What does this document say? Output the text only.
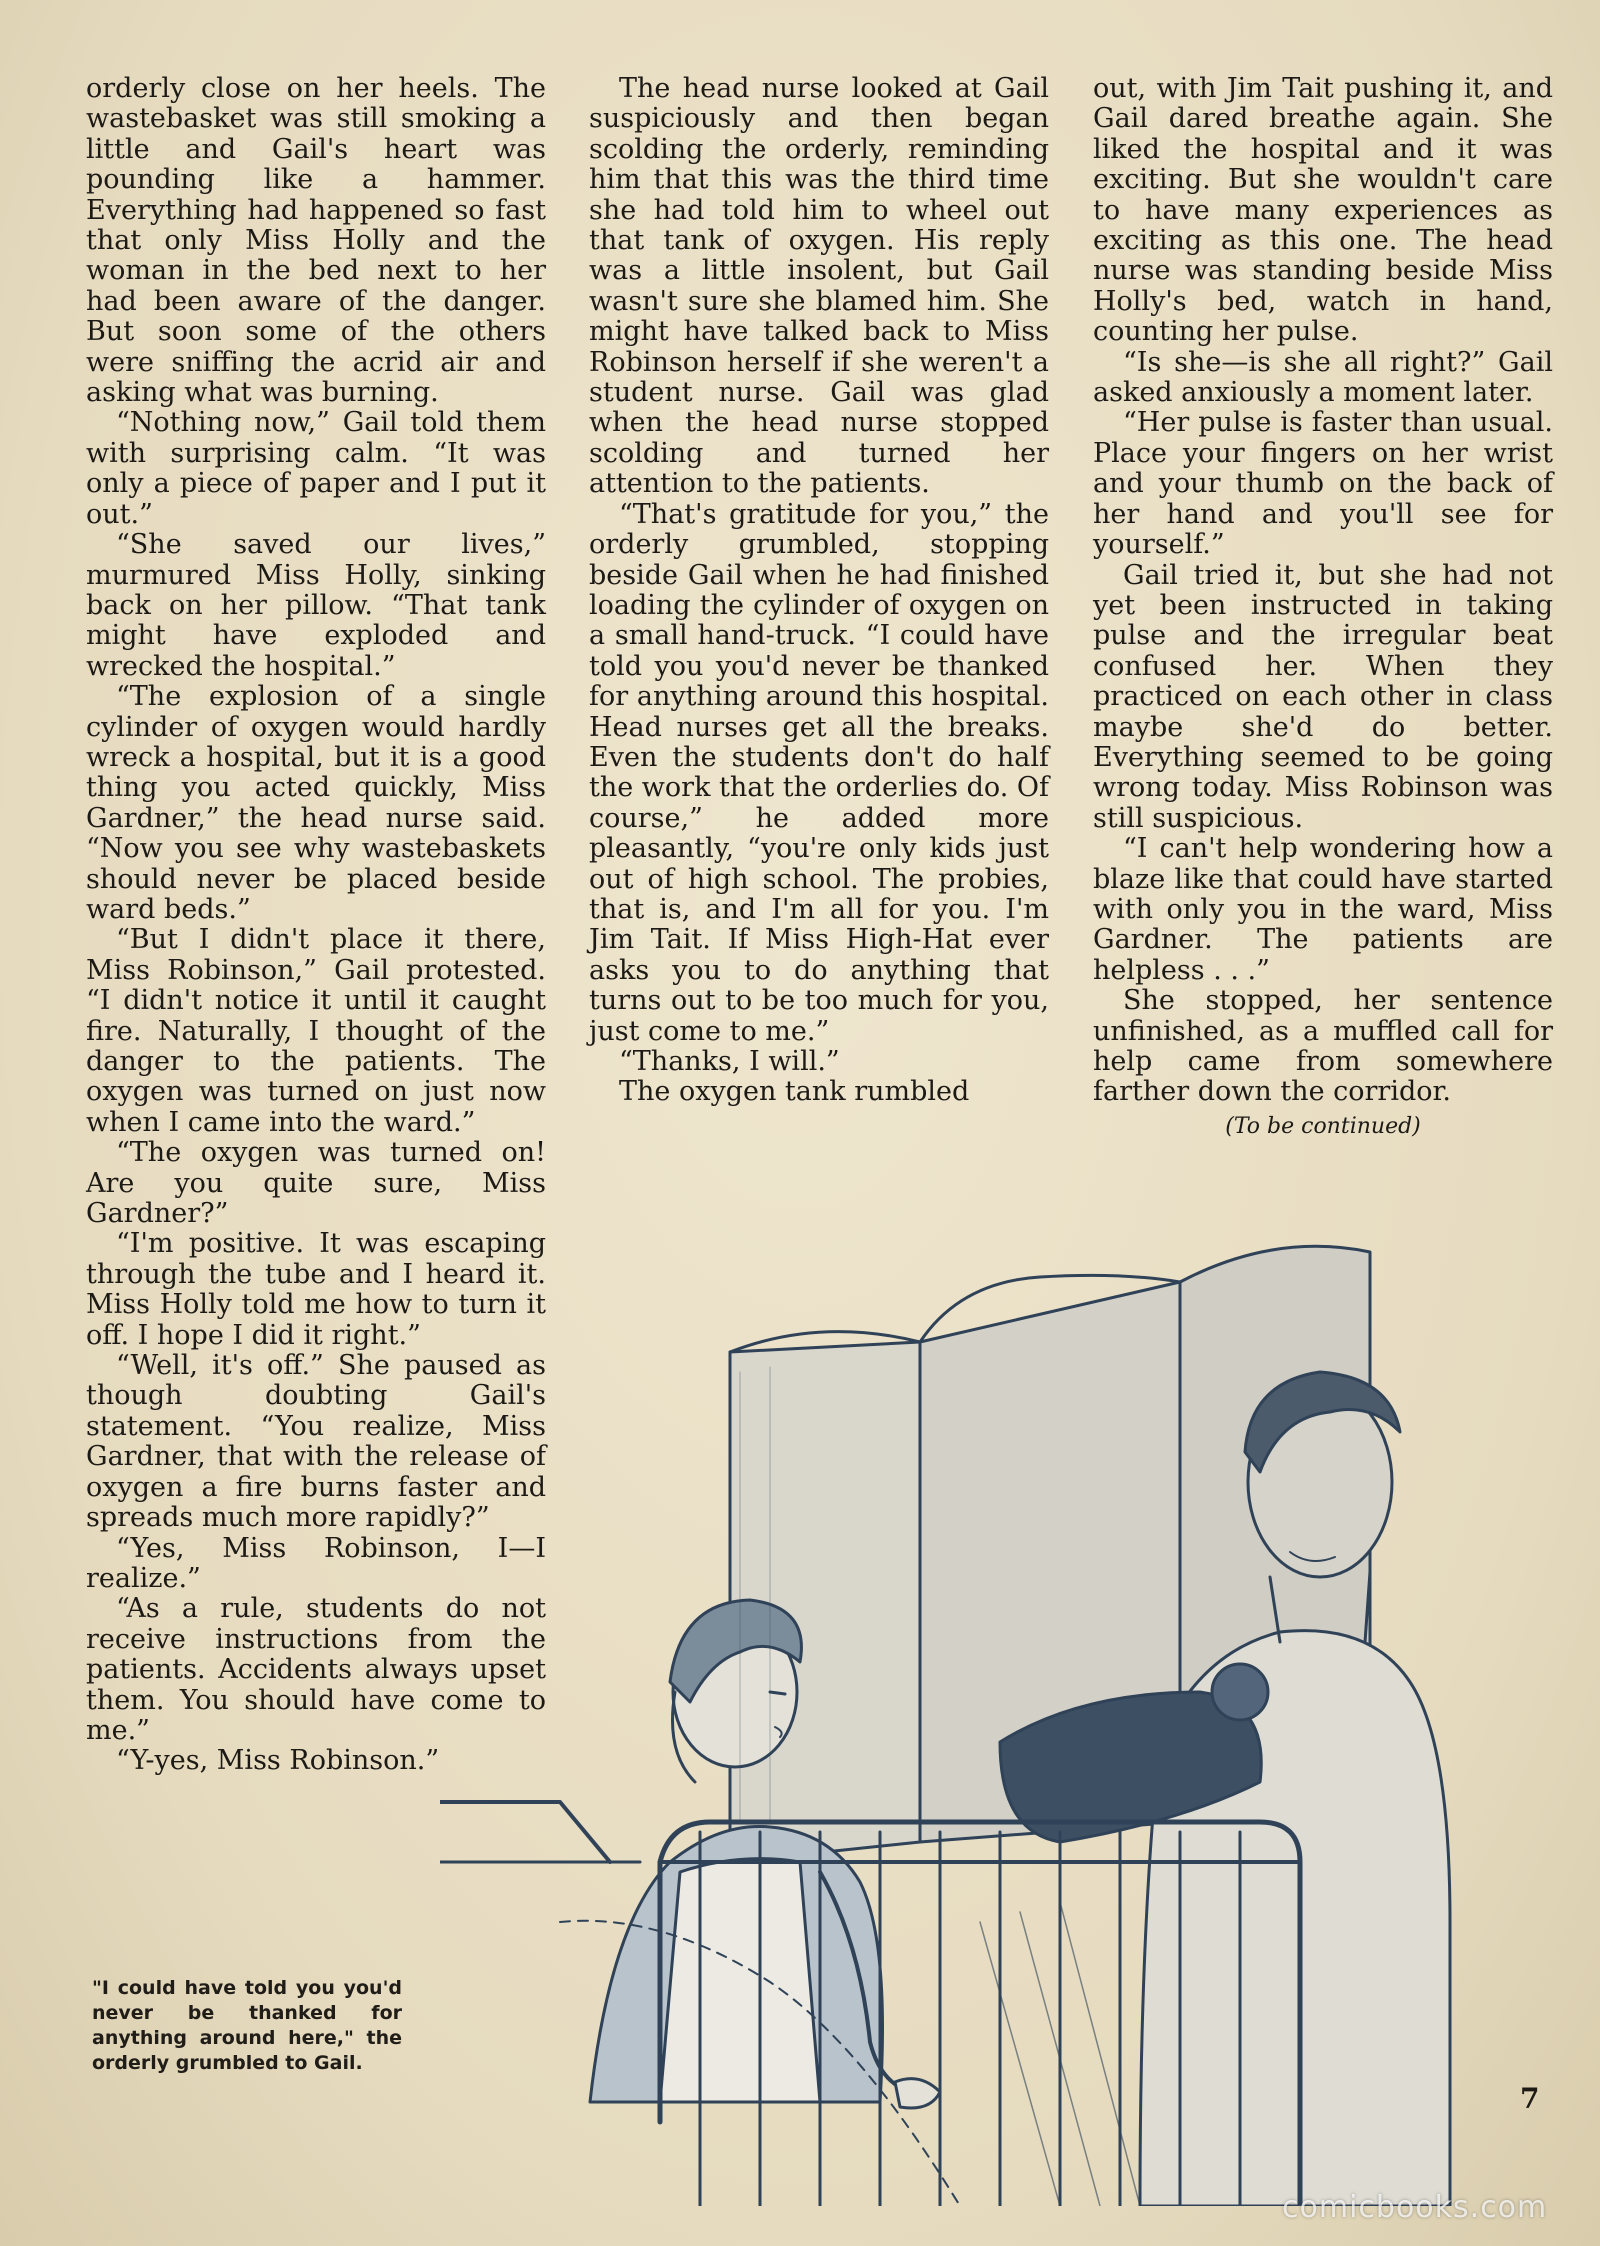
orderly close on her heels. The wastebasket was still smoking a little and Gail's heart was pounding like a hammer. Everything had happened so fast that only Miss Holly and the woman in the bed next to her had been aware of the danger. But soon some of the others were sniffing the acrid air and asking what was burning.

“Nothing now,” Gail told them with surprising calm. “It was only a piece of paper and I put it out.”

“She saved our lives,” murmured Miss Holly, sinking back on her pillow. “That tank might have exploded and wrecked the hospital.”

“The explosion of a single cylinder of oxygen would hardly wreck a hospital, but it is a good thing you acted quickly, Miss Gardner,” the head nurse said. “Now you see why wastebaskets should never be placed beside ward beds.”

“But I didn't place it there, Miss Robinson,” Gail protested. “I didn't notice it until it caught fire. Naturally, I thought of the danger to the patients. The oxygen was turned on just now when I came into the ward.”

“The oxygen was turned on! Are you quite sure, Miss Gardner?”

“I'm positive. It was escaping through the tube and I heard it. Miss Holly told me how to turn it off. I hope I did it right.”

“Well, it's off.” She paused as though doubting Gail's statement. “You realize, Miss Gardner, that with the release of oxygen a fire burns faster and spreads much more rapidly?”

“Yes, Miss Robinson, I—I realize.”

“As a rule, students do not receive instructions from the patients. Accidents always upset them. You should have come to me.”

“Y-yes, Miss Robinson.”

The head nurse looked at Gail suspiciously and then began scolding the orderly, reminding him that this was the third time she had told him to wheel out that tank of oxygen. His reply was a little insolent, but Gail wasn't sure she blamed him. She might have talked back to Miss Robinson herself if she weren't a student nurse. Gail was glad when the head nurse stopped scolding and turned her attention to the patients.

“That's gratitude for you,” the orderly grumbled, stopping beside Gail when he had finished loading the cylinder of oxygen on a small hand-truck. “I could have told you you'd never be thanked for anything around this hospital. Head nurses get all the breaks. Even the students don't do half the work that the orderlies do. Of course,” he added more pleasantly, “you're only kids just out of high school. The probies, that is, and I'm all for you. I'm Jim Tait. If Miss High-Hat ever asks you to do anything that turns out to be too much for you, just come to me.”

“Thanks, I will.”

The oxygen tank rumbled

out, with Jim Tait pushing it, and Gail dared breathe again. She liked the hospital and it was exciting. But she wouldn't care to have many experiences as exciting as this one. The head nurse was standing beside Miss Holly's bed, watch in hand, counting her pulse.

“Is she—is she all right?” Gail asked anxiously a moment later.

“Her pulse is faster than usual. Place your fingers on her wrist and your thumb on the back of her hand and you'll see for yourself.”

Gail tried it, but she had not yet been instructed in taking pulse and the irregular beat confused her. When they practiced on each other in class maybe she'd do better. Everything seemed to be going wrong today. Miss Robinson was still suspicious.

“I can't help wondering how a blaze like that could have started with only you in the ward, Miss Gardner. The patients are helpless . . .”

She stopped, her sentence unfinished, as a muffled call for help came from somewhere farther down the corridor.

(To be continued)

"I could have told you you'd never be thanked for anything around here," the orderly grumbled to Gail.
7
comicbooks.com
